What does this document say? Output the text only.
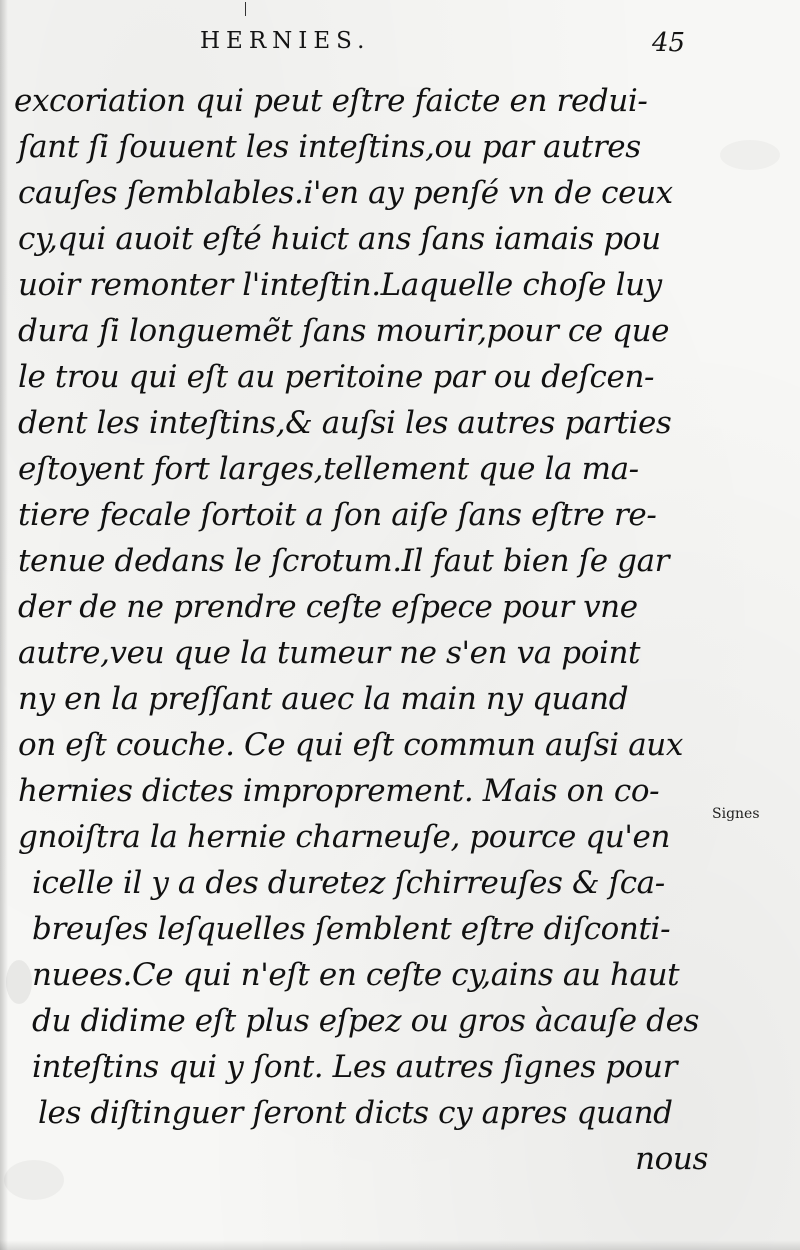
HERNIES.	45
excoriation qui peut eſtre faicte en redui-
ſant ſi ſouuent les inteſtins,ou par autres
cauſes ſemblables.i'en ay penſé vn de ceux
cy,qui auoit eſté huict ans ſans iamais pou
uoir remonter l'inteſtin.Laquelle choſe luy
dura ſi longuemẽt ſans mourir,pour ce que
le trou qui eſt au peritoine par ou deſcen-
dent les inteſtins,& auſsi les autres parties
eſtoyent fort larges,tellement que la ma-
tiere fecale ſortoit a ſon aiſe ſans eſtre re-
tenue dedans le ſcrotum.Il faut bien ſe gar
der de ne prendre ceſte eſpece pour vne
autre,veu que la tumeur ne s'en va point
ny en la preſſant auec la main ny quand
on eſt couche. Ce qui eſt commun auſsi aux
hernies dictes improprement. Mais on co-
gnoiſtra la hernie charneuſe, pource qu'en
icelle il y a des duretez ſchirreuſes & ſca-
breuſes leſquelles ſemblent eſtre diſconti-
nuees.Ce qui n'eſt en ceſte cy,ains au haut
du didime eſt plus eſpez ou gros àcauſe des
inteſtins qui y ſont. Les autres ſignes pour
les diſtinguer ſeront dicts cy apres quand
nous
Signes
